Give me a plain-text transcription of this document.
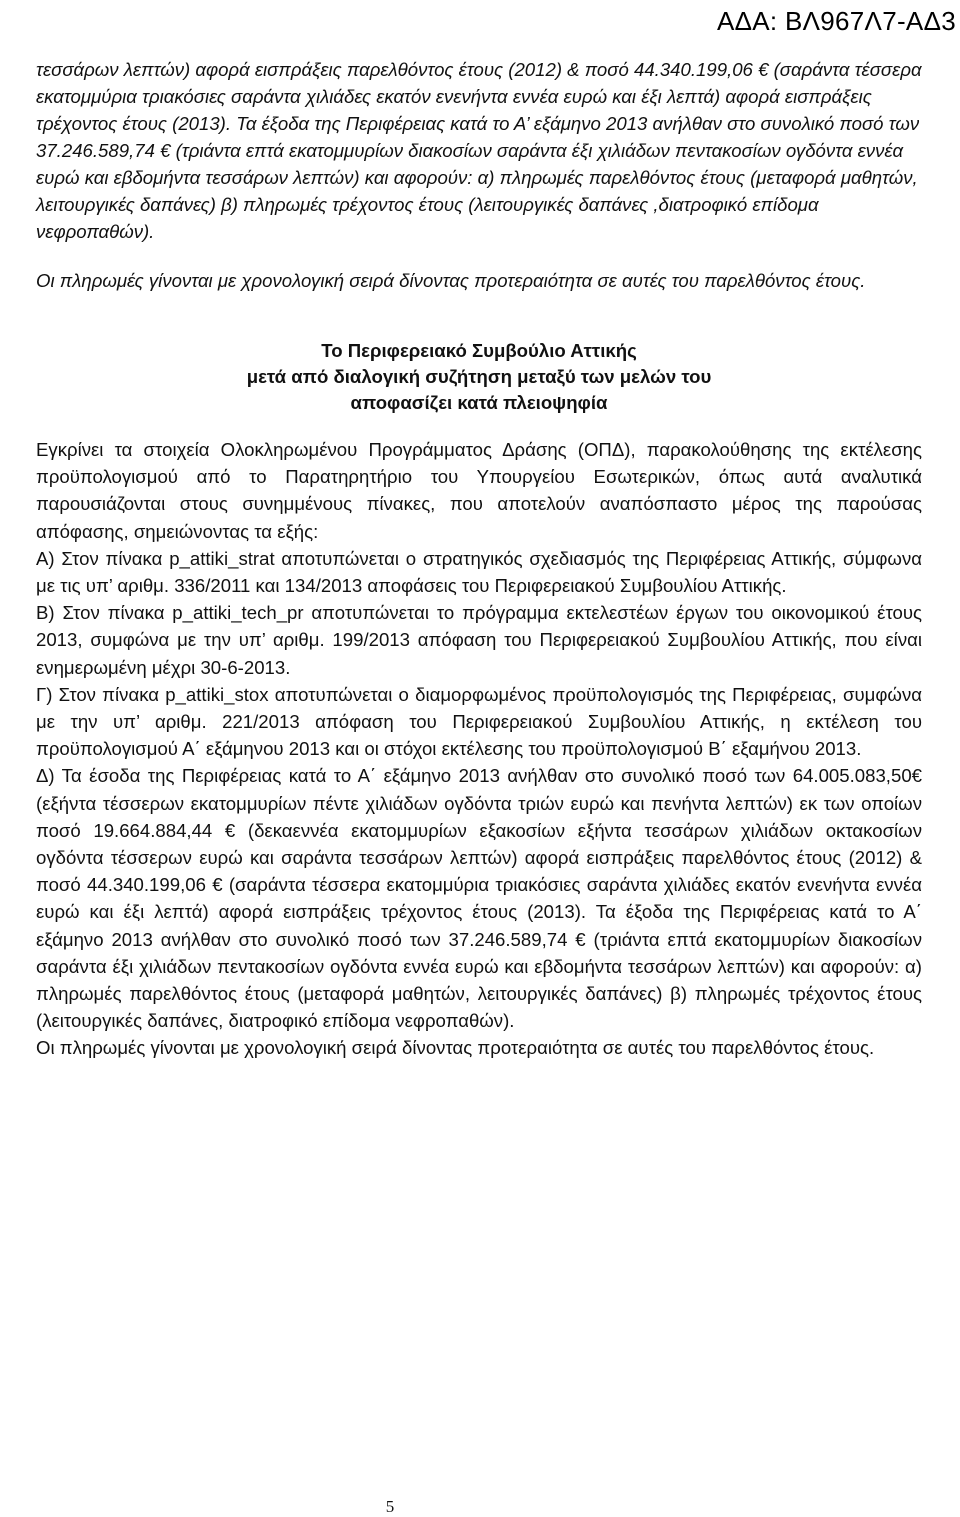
ΑΔΑ: ΒΛ967Λ7-ΑΔ3

τεσσάρων λεπτών) αφορά εισπράξεις παρελθόντος έτους (2012) & ποσό 44.340.199,06 € (σαράντα τέσσερα εκατομμύρια τριακόσιες σαράντα χιλιάδες εκατόν ενενήντα εννέα ευρώ και έξι λεπτά) αφορά εισπράξεις τρέχοντος έτους (2013). Τα έξοδα της Περιφέρειας κατά το Α’ εξάμηνο 2013 ανήλθαν στο συνολικό ποσό των 37.246.589,74 € (τριάντα επτά εκατομμυρίων διακοσίων σαράντα έξι χιλιάδων πεντακοσίων ογδόντα εννέα ευρώ και εβδομήντα τεσσάρων λεπτών) και αφορούν: α) πληρωμές παρελθόντος έτους (μεταφορά μαθητών, λειτουργικές δαπάνες) β) πληρωμές τρέχοντος έτους (λειτουργικές δαπάνες ,διατροφικό επίδομα νεφροπαθών).

Οι πληρωμές γίνονται με χρονολογική σειρά δίνοντας προτεραιότητα σε αυτές του παρελθόντος έτους.

Το Περιφερειακό Συμβούλιο Αττικής
μετά από διαλογική συζήτηση μεταξύ των μελών του
αποφασίζει κατά πλειοψηφία

Εγκρίνει τα στοιχεία Ολοκληρωμένου Προγράμματος Δράσης (ΟΠΔ), παρακολούθησης της εκτέλεσης προϋπολογισμού από το Παρατηρητήριο του Υπουργείου Εσωτερικών, όπως αυτά αναλυτικά παρουσιάζονται στους συνημμένους πίνακες, που αποτελούν αναπόσπαστο μέρος της παρούσας απόφασης, σημειώνοντας τα εξής:

Α) Στον πίνακα p_attiki_strat αποτυπώνεται ο στρατηγικός σχεδιασμός της Περιφέρειας Αττικής, σύμφωνα με τις υπ’ αριθμ. 336/2011 και 134/2013 αποφάσεις του Περιφερειακού Συμβουλίου Αττικής.

Β) Στον πίνακα p_attiki_tech_pr αποτυπώνεται το πρόγραμμα εκτελεστέων έργων του οικονομικού έτους 2013, συμφώνα με την υπ’ αριθμ. 199/2013 απόφαση του Περιφερειακού Συμβουλίου Αττικής, που είναι ενημερωμένη μέχρι 30-6-2013.

Γ) Στον πίνακα p_attiki_stox αποτυπώνεται ο διαμορφωμένος προϋπολογισμός της Περιφέρειας, συμφώνα με την υπ’ αριθμ. 221/2013 απόφαση του Περιφερειακού Συμβουλίου Αττικής, η εκτέλεση του προϋπολογισμού Α΄ εξάμηνου 2013 και οι στόχοι εκτέλεσης του προϋπολογισμού Β΄ εξαμήνου 2013.

Δ) Τα έσοδα της Περιφέρειας κατά το Α΄ εξάμηνο 2013 ανήλθαν στο συνολικό ποσό των 64.005.083,50€ (εξήντα τέσσερων εκατομμυρίων πέντε χιλιάδων ογδόντα τριών ευρώ και πενήντα λεπτών) εκ των οποίων ποσό 19.664.884,44 € (δεκαεννέα εκατομμυρίων εξακοσίων εξήντα τεσσάρων χιλιάδων οκτακοσίων ογδόντα τέσσερων ευρώ και σαράντα τεσσάρων λεπτών) αφορά εισπράξεις παρελθόντος έτους (2012) & ποσό 44.340.199,06 € (σαράντα τέσσερα εκατομμύρια τριακόσιες σαράντα χιλιάδες εκατόν ενενήντα εννέα ευρώ και έξι λεπτά) αφορά εισπράξεις τρέχοντος έτους (2013). Τα έξοδα της Περιφέρειας κατά το Α΄ εξάμηνο 2013 ανήλθαν στο συνολικό ποσό των 37.246.589,74 € (τριάντα επτά εκατομμυρίων διακοσίων σαράντα έξι χιλιάδων πεντακοσίων ογδόντα εννέα ευρώ και εβδομήντα τεσσάρων λεπτών) και αφορούν: α) πληρωμές παρελθόντος έτους (μεταφορά μαθητών, λειτουργικές δαπάνες) β) πληρωμές τρέχοντος έτους (λειτουργικές δαπάνες, διατροφικό επίδομα νεφροπαθών).

Οι πληρωμές γίνονται με χρονολογική σειρά δίνοντας προτεραιότητα σε αυτές του παρελθόντος έτους.

5
